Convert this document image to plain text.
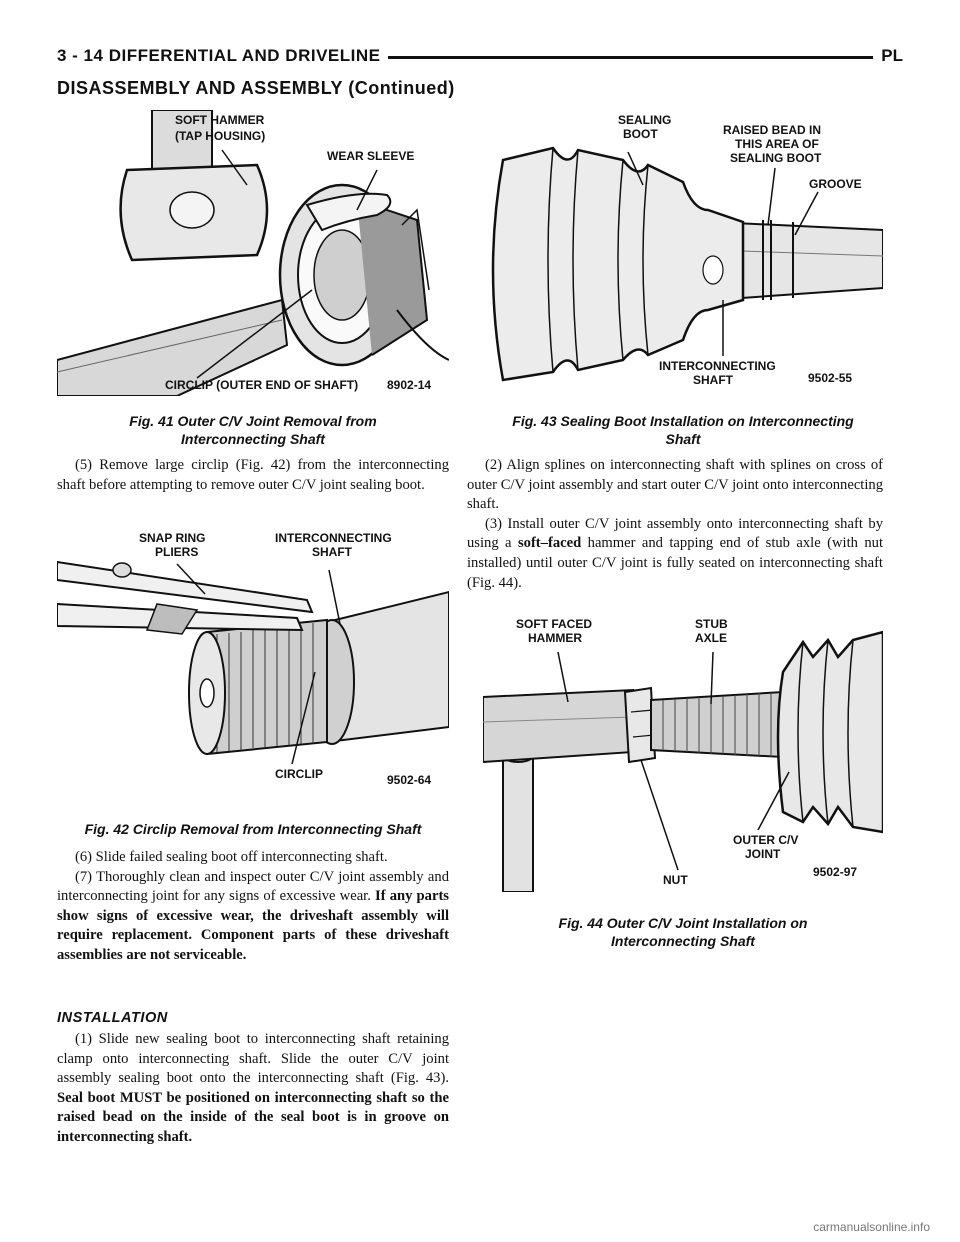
3 - 14 DIFFERENTIAL AND DRIVELINE	PL
DISASSEMBLY AND ASSEMBLY (Continued)
SOFT HAMMER
(TAP HOUSING)
WEAR SLEEVE
CIRCLIP (OUTER END OF SHAFT) 8902-14
Fig. 41 Outer C/V Joint Removal from
Interconnecting Shaft
SEALING
BOOT	RAISED BEAD IN
THIS AREA OF
SEALING BOOT
GROOVE
INTERCONNECTING
SHAFT	9502-55
Fig. 43 Sealing Boot Installation on Interconnecting
Shaft

(5) Remove large circlip (Fig. 42) from the interconnecting shaft before attempting to remove outer C/V joint sealing boot.

SNAP RING
PLIERS
INTERCONNECTING
SHAFT
CIRCLIP	9502-64
Fig. 42 Circlip Removal from Interconnecting Shaft

(6) Slide failed sealing boot off interconnecting shaft.

(7) Thoroughly clean and inspect outer C/V joint assembly and interconnecting joint for any signs of excessive wear. If any parts show signs of excessive wear, the driveshaft assembly will require replacement. Component parts of these driveshaft assemblies are not serviceable.

INSTALLATION

(1) Slide new sealing boot to interconnecting shaft retaining clamp onto interconnecting shaft. Slide the outer C/V joint assembly sealing boot onto the interconnecting shaft (Fig. 43). Seal boot MUST be positioned on interconnecting shaft so the raised bead on the inside of the seal boot is in groove on interconnecting shaft.

(2) Align splines on interconnecting shaft with splines on cross of outer C/V joint assembly and start outer C/V joint onto interconnecting shaft.

(3) Install outer C/V joint assembly onto interconnecting shaft by using a soft–faced hammer and tapping end of stub axle (with nut installed) until outer C/V joint is fully seated on interconnecting shaft (Fig. 44).

SOFT FACED
HAMMER
STUB
AXLE
NUT
OUTER C/V
JOINT
9502-97
Fig. 44 Outer C/V Joint Installation on
Interconnecting Shaft
carmanualsonline.info
